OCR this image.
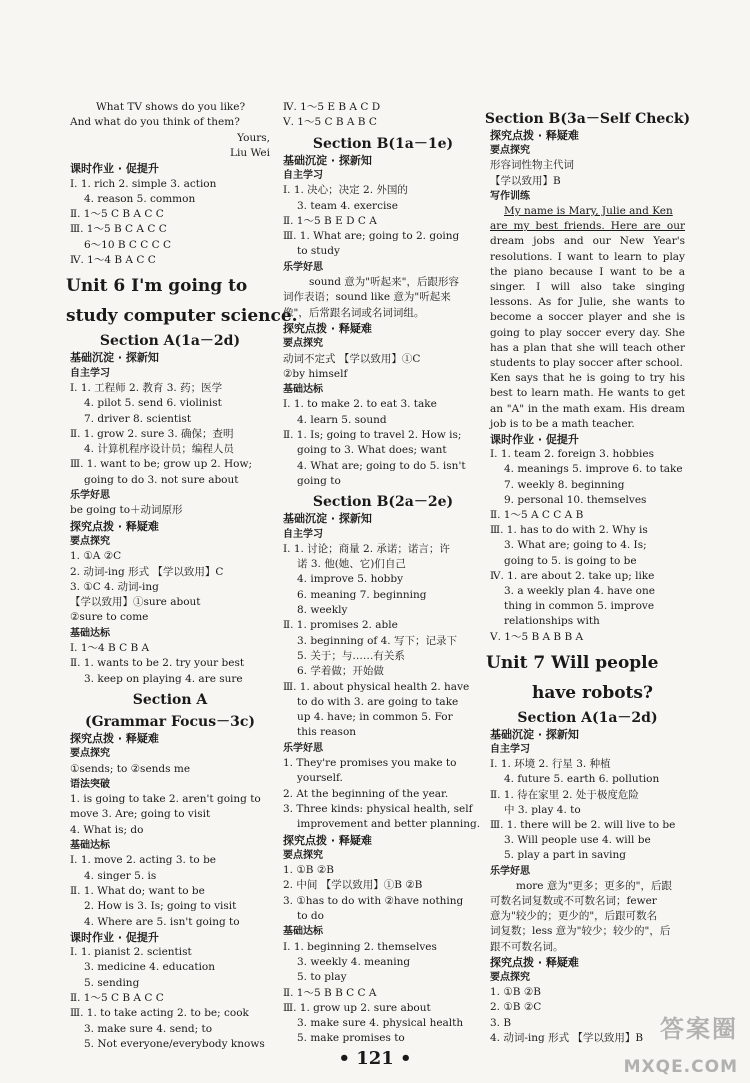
What TV shows do you like?
And what do you think of them?
Yours,
Liu Wei
课时作业 · 促提升
Ⅰ. 1. rich 2. simple 3. action
4. reason 5. common
Ⅱ. 1～5 C B A C C
Ⅲ. 1～5 B C A C C
6～10 B C C C C
Ⅳ. 1～4 B A C C
Unit 6 I'm going to
study computer science.
Section A(1a－2d)
基础沉淀 · 探新知
自主学习
Ⅰ. 1. 工程师 2. 教育 3. 药；医学
4. pilot 5. send 6. violinist
7. driver 8. scientist
Ⅱ. 1. grow 2. sure 3. 确保；查明
4. 计算机程序设计员；编程人员
Ⅲ. 1. want to be; grow up 2. How;
going to do 3. not sure about
乐学好思
be going to＋动词原形
探究点拨 · 释疑难
要点探究
1. ①A ②C
2. 动词-ing 形式 【学以致用】C
3. ①C 4. 动词-ing
【学以致用】①sure about
②sure to come
基础达标
Ⅰ. 1～4 B C B A
Ⅱ. 1. wants to be 2. try your best
3. keep on playing 4. are sure
Section A
(Grammar Focus－3c)
探究点拨 · 释疑难
要点探究
①sends; to ②sends me
语法突破
1. is going to take 2. aren't going to
move 3. Are; going to visit
4. What is; do
基础达标
Ⅰ. 1. move 2. acting 3. to be
4. singer 5. is
Ⅱ. 1. What do; want to be
2. How is 3. Is; going to visit
4. Where are 5. isn't going to
课时作业 · 促提升
Ⅰ. 1. pianist 2. scientist
3. medicine 4. education
5. sending
Ⅱ. 1～5 C B A C C
Ⅲ. 1. to take acting 2. to be; cook
3. make sure 4. send; to
5. Not everyone/everybody knows
Ⅳ. 1～5 E B A C D
Ⅴ. 1～5 C B A B C
Section B(1a－1e)
基础沉淀 · 探新知
自主学习
Ⅰ. 1. 决心；决定 2. 外国的
3. team 4. exercise
Ⅱ. 1～5 B E D C A
Ⅲ. 1. What are; going to 2. going
to study
乐学好思
sound 意为"听起来"，后跟形容
词作表语；sound like 意为"听起来
像"，后常跟名词或名词词组。
探究点拨 · 释疑难
要点探究
动词不定式 【学以致用】①C
②by himself
基础达标
Ⅰ. 1. to make 2. to eat 3. take
4. learn 5. sound
Ⅱ. 1. Is; going to travel 2. How is;
going to 3. What does; want
4. What are; going to do 5. isn't
going to
Section B(2a－2e)
基础沉淀 · 探新知
自主学习
Ⅰ. 1. 讨论；商量 2. 承诺；诺言；许
诺 3. 他(她、它)们自己
4. improve 5. hobby
6. meaning 7. beginning
8. weekly
Ⅱ. 1. promises 2. able
3. beginning of 4. 写下；记录下
5. 关于；与……有关系
6. 学着做；开始做
Ⅲ. 1. about physical health 2. have
to do with 3. are going to take
up 4. have; in common 5. For
this reason
乐学好思
1. They're promises you make to
yourself.
2. At the beginning of the year.
3. Three kinds: physical health, self
improvement and better planning.
探究点拨 · 释疑难
要点探究
1. ①B ②B
2. 中间 【学以致用】①B ②B
3. ①has to do with ②have nothing
to do
基础达标
Ⅰ. 1. beginning 2. themselves
3. weekly 4. meaning
5. to play
Ⅱ. 1～5 B B C C A
Ⅲ. 1. grow up 2. sure about
3. make sure 4. physical health
5. make promises to
Section B(3a－Self Check)
探究点拨 · 释疑难
要点探究
形容词性物主代词
【学以致用】B
写作训练
My name is Mary, Julie and Ken
are my best friends. Here are our
dream jobs and our New Year's
resolutions. I want to learn to play
the piano because I want to be a
singer. I will also take singing
lessons. As for Julie, she wants to
become a soccer player and she is
going to play soccer every day. She
has a plan that she will teach other
students to play soccer after school.
Ken says that he is going to try his
best to learn math. He wants to get
an "A" in the math exam. His dream
job is to be a math teacher.
课时作业 · 促提升
Ⅰ. 1. team 2. foreign 3. hobbies
4. meanings 5. improve 6. to take
7. weekly 8. beginning
9. personal 10. themselves
Ⅱ. 1～5 A C C A B
Ⅲ. 1. has to do with 2. Why is
3. What are; going to 4. Is;
going to 5. is going to be
Ⅳ. 1. are about 2. take up; like
3. a weekly plan 4. have one
thing in common 5. improve
relationships with
Ⅴ. 1～5 B A B B A
Unit 7 Will people
have robots?
Section A(1a－2d)
基础沉淀 · 探新知
自主学习
Ⅰ. 1. 环境 2. 行星 3. 种植
4. future 5. earth 6. pollution
Ⅱ. 1. 待在家里 2. 处于极度危险
中 3. play 4. to
Ⅲ. 1. there will be 2. will live to be
3. Will people use 4. will be
5. play a part in saving
乐学好思
more 意为"更多；更多的"，后跟
可数名词复数或不可数名词；fewer
意为"较少的；更少的"，后跟可数名
词复数；less 意为"较少；较少的"，后
跟不可数名词。
探究点拨 · 释疑难
要点探究
1. ①B ②B
2. ①B ②C
3. B
4. 动词-ing 形式 【学以致用】B
• 121 •
答案圈
MXQE.COM
